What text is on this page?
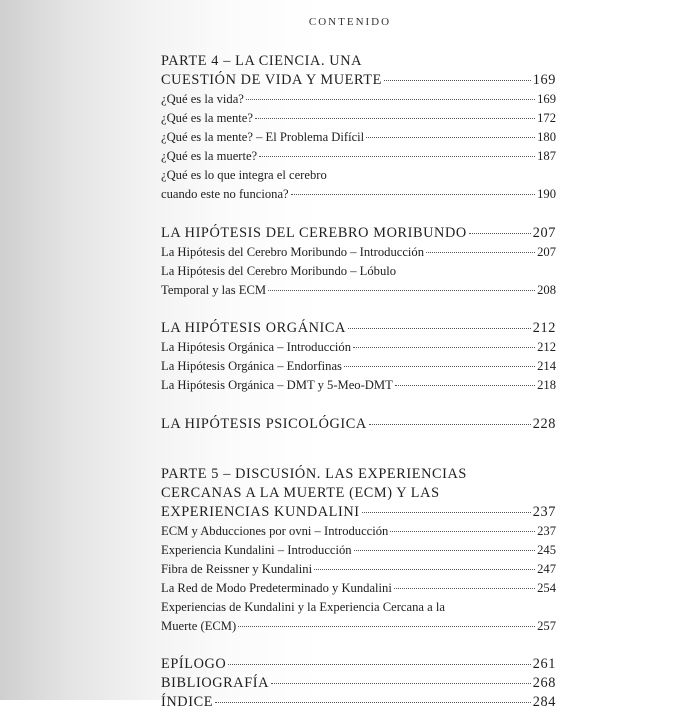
CONTENIDO
PARTE 4 – LA CIENCIA. UNA
CUESTIÓN DE VIDA Y MUERTE	169
¿Qué es la vida?	169
¿Qué es la mente?	172
¿Qué es la mente? – El Problema Difícil	180
¿Qué es la muerte?	187
¿Qué es lo que integra el cerebro
cuando este no funciona?	190
LA HIPÓTESIS DEL CEREBRO MORIBUNDO	207
La Hipótesis del Cerebro Moribundo – Introducción	207
La Hipótesis del Cerebro Moribundo – Lóbulo
Temporal y las ECM	208
LA HIPÓTESIS ORGÁNICA	212
La Hipótesis Orgánica – Introducción	212
La Hipótesis Orgánica – Endorfinas	214
La Hipótesis Orgánica – DMT y 5-Meo-DMT	218
LA HIPÓTESIS PSICOLÓGICA	228
PARTE 5 – DISCUSIÓN. LAS EXPERIENCIAS
CERCANAS A LA MUERTE (ECM) Y LAS
EXPERIENCIAS KUNDALINI	237
ECM y Abducciones por ovni – Introducción	237
Experiencia Kundalini – Introducción	245
Fibra de Reissner y Kundalini	247
La Red de Modo Predeterminado y Kundalini	254
Experiencias de Kundalini y la Experiencia Cercana a la
Muerte (ECM)	257
EPÍLOGO	261
BIBLIOGRAFÍA	268
ÍNDICE	284
